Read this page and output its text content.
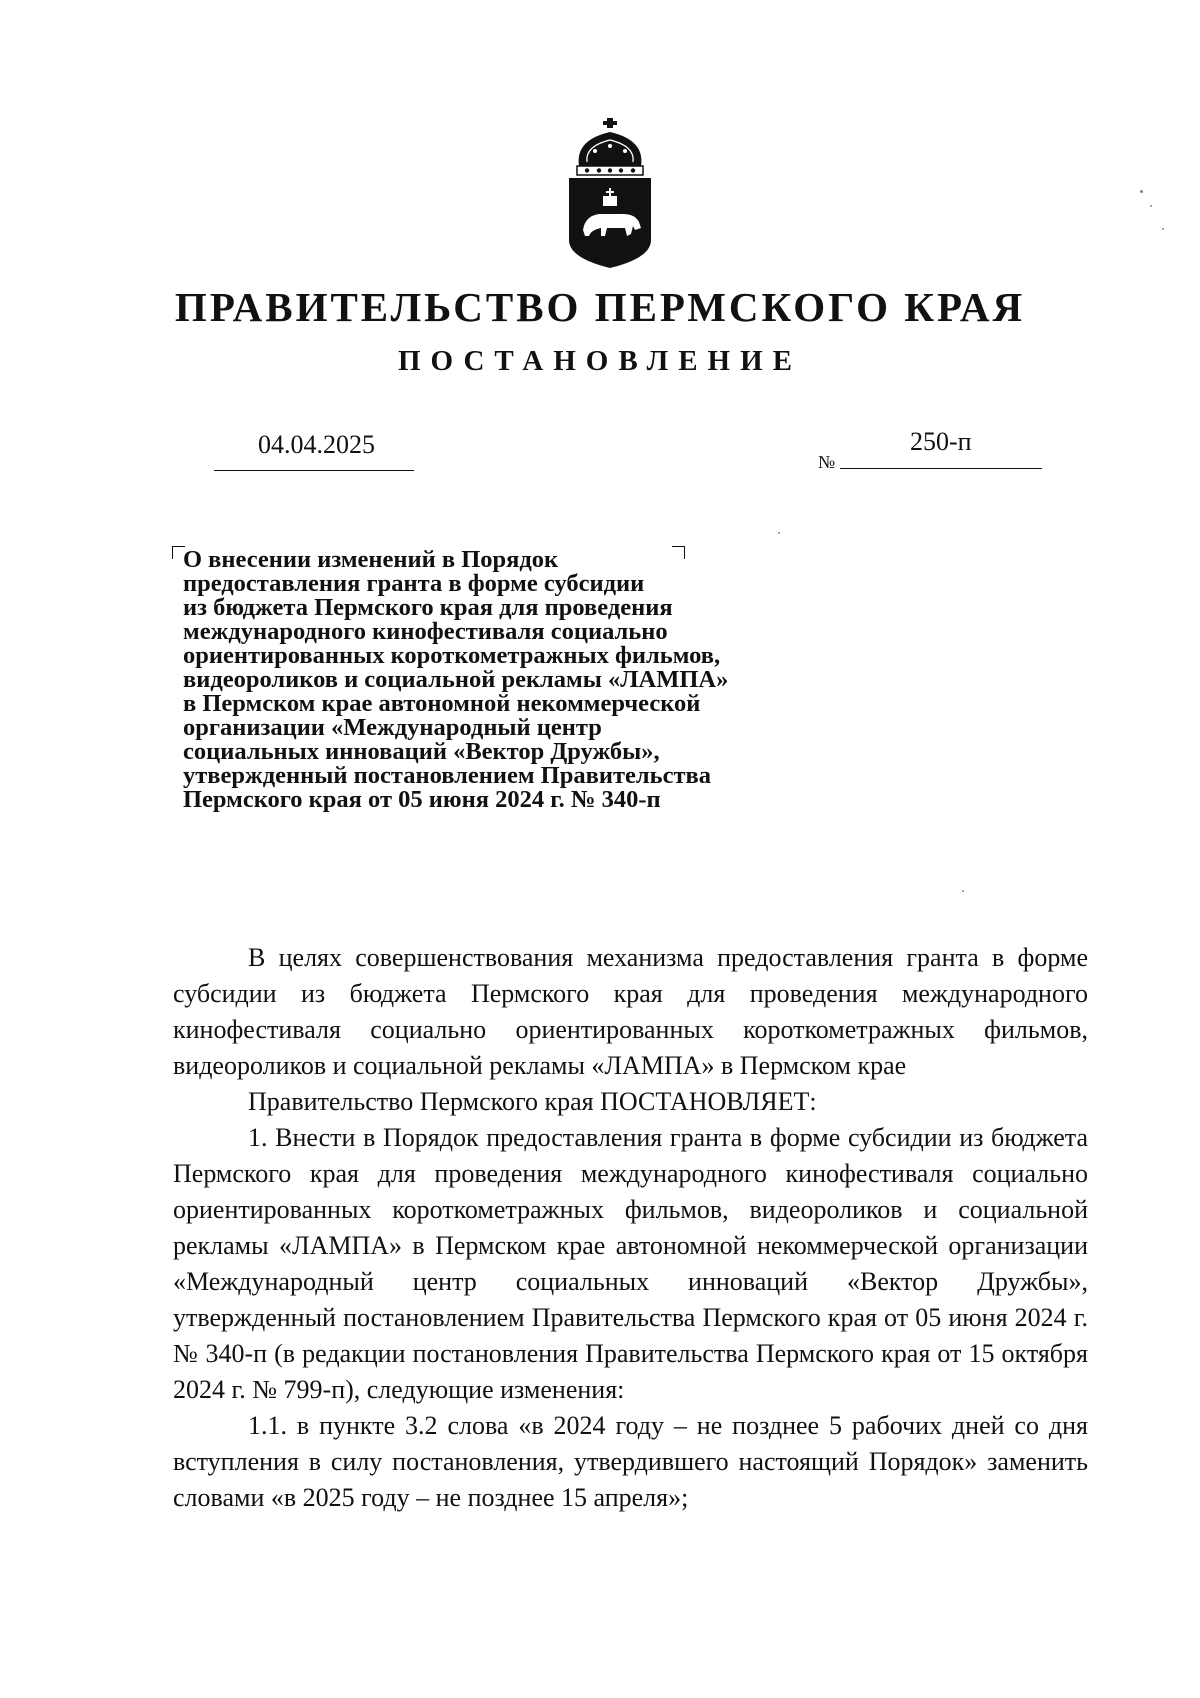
ПРАВИТЕЛЬСТВО ПЕРМСКОГО КРАЯ
ПОСТАНОВЛЕНИЕ
04.04.2025
№
250-п
О внесении изменений в Порядок
предоставления гранта в форме субсидии
из бюджета Пермского края для проведения
международного кинофестиваля социально
ориентированных короткометражных фильмов,
видеороликов и социальной рекламы «ЛАМПА»
в Пермском крае автономной некоммерческой
организации «Международный центр
социальных инноваций «Вектор Дружбы»,
утвержденный постановлением Правительства
Пермского края от 05 июня 2024 г. № 340-п

В целях совершенствования механизма предоставления гранта в форме субсидии из бюджета Пермского края для проведения международного кинофестиваля социально ориентированных короткометражных фильмов, видеороликов и социальной рекламы «ЛАМПА» в Пермском крае

Правительство Пермского края ПОСТАНОВЛЯЕТ:

1. Внести в Порядок предоставления гранта в форме субсидии из бюджета Пермского края для проведения международного кинофестиваля социально ориентированных короткометражных фильмов, видеороликов и социальной рекламы «ЛАМПА» в Пермском крае автономной некоммерческой организации «Международный центр социальных инноваций «Вектор Дружбы», утвержденный постановлением Правительства Пермского края от 05 июня 2024 г. № 340-п (в редакции постановления Правительства Пермского края от 15 октября 2024 г. № 799-п), следующие изменения:

1.1. в пункте 3.2 слова «в 2024 году – не позднее 5 рабочих дней со дня вступления в силу постановления, утвердившего настоящий Порядок» заменить словами «в 2025 году – не позднее 15 апреля»;
